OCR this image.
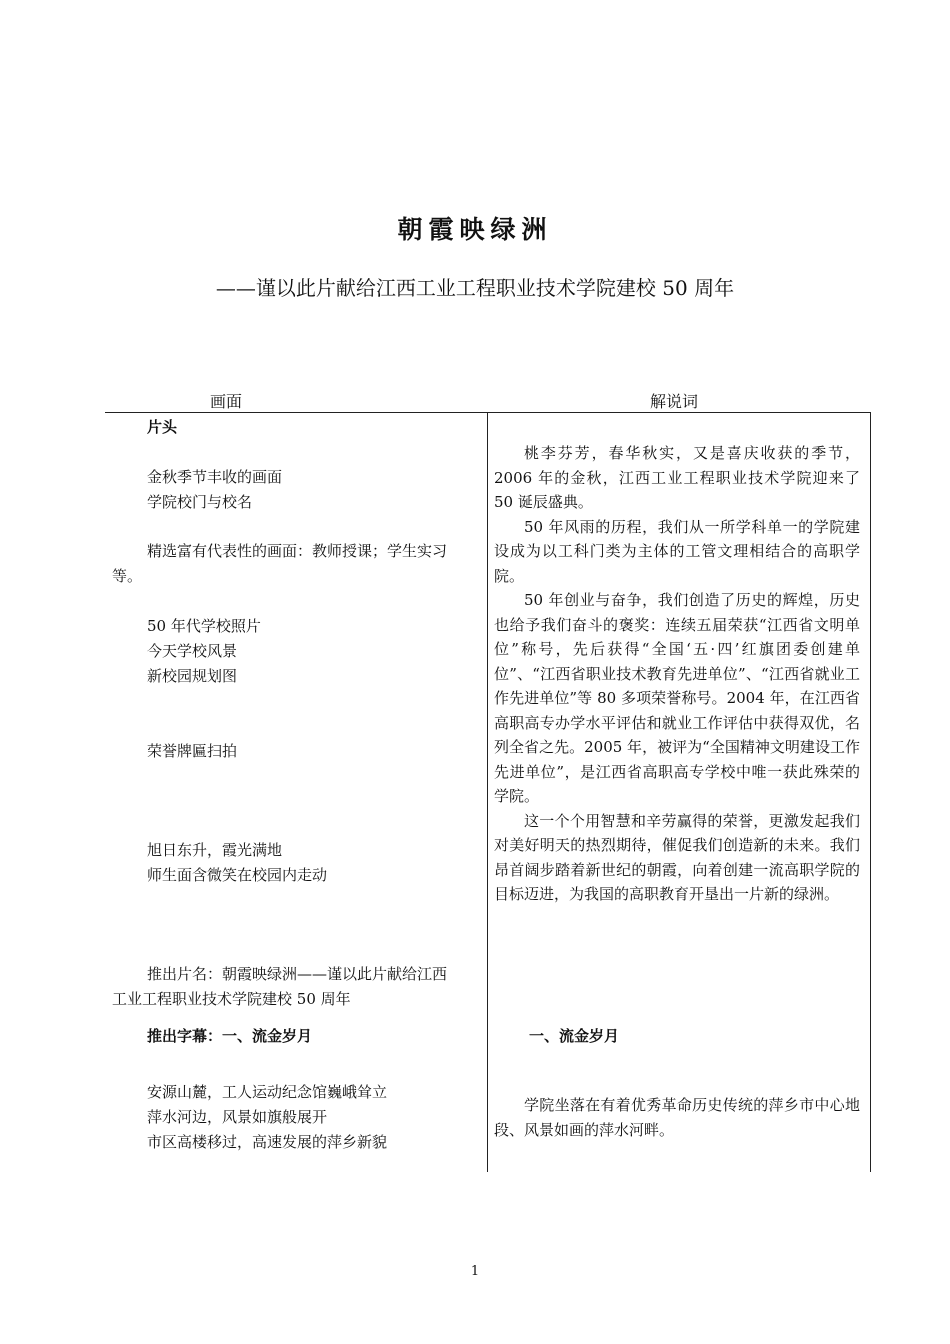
朝霞映绿洲
——谨以此片献给江西工业工程职业技术学院建校 50 周年
画面	解说词
片头
金秋季节丰收的画面
学院校门与校名
精选富有代表性的画面：教师授课；学生实习
等。
50 年代学校照片
今天学校风景
新校园规划图
荣誉牌匾扫拍
旭日东升，霞光满地
师生面含微笑在校园内走动
推出片名：朝霞映绿洲——谨以此片献给江西
工业工程职业技术学院建校 50 周年
推出字幕：一、流金岁月
安源山麓，工人运动纪念馆巍峨耸立
萍水河边，风景如旗般展开
市区高楼移过，高速发展的萍乡新貌

桃李芬芳，春华秋实，又是喜庆收获的季节，2006 年的金秋，江西工业工程职业技术学院迎来了 50 诞辰盛典。

50 年风雨的历程，我们从一所学科单一的学院建设成为以工科门类为主体的工管文理相结合的高职学院。

50 年创业与奋争，我们创造了历史的辉煌，历史也给予我们奋斗的褒奖：连续五届荣获“江西省文明单位”称号，先后获得“全国‘五·四’红旗团委创建单位”、“江西省职业技术教育先进单位”、“江西省就业工作先进单位”等 80 多项荣誉称号。2004 年，在江西省高职高专办学水平评估和就业工作评估中获得双优，名列全省之先。2005 年，被评为“全国精神文明建设工作先进单位”，是江西省高职高专学校中唯一获此殊荣的学院。

这一个个用智慧和辛劳赢得的荣誉，更激发起我们对美好明天的热烈期待，催促我们创造新的未来。我们昂首阔步踏着新世纪的朝霞，向着创建一流高职学院的目标迈进，为我国的高职教育开垦出一片新的绿洲。

一、流金岁月

学院坐落在有着优秀革命历史传统的萍乡市中心地段、风景如画的萍水河畔。

1
